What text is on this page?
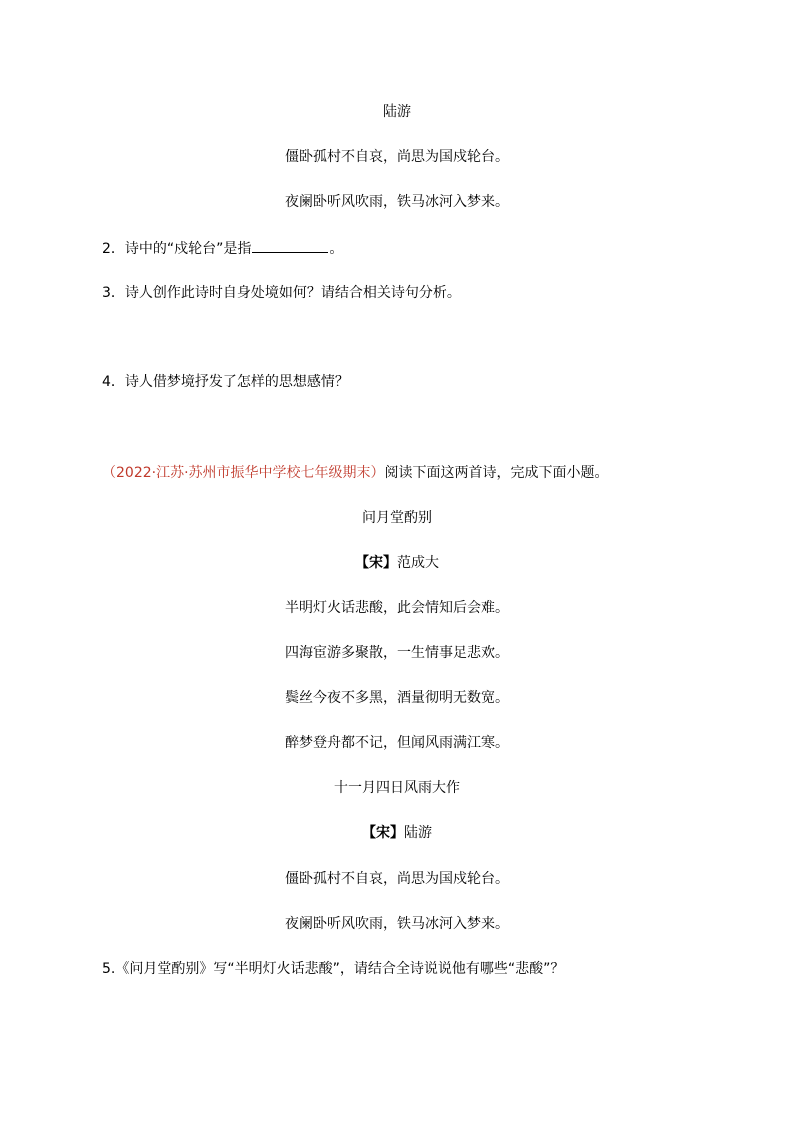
陆游
僵卧孤村不自哀，尚思为国戍轮台。
夜阑卧听风吹雨，铁马冰河入梦来。
2．诗中的“戍轮台”是指	。
3．诗人创作此诗时自身处境如何？请结合相关诗句分析。
4．诗人借梦境抒发了怎样的思想感情？
（2022·江苏·苏州市振华中学校七年级期末）阅读下面这两首诗，完成下面小题。
问月堂酌别
【宋】范成大
半明灯火话悲酸，此会情知后会难。
四海宦游多聚散，一生情事足悲欢。
鬓丝今夜不多黑，酒量彻明无数宽。
醉梦登舟都不记，但闻风雨满江寒。
十一月四日风雨大作
【宋】陆游
僵卧孤村不自哀，尚思为国戍轮台。
夜阑卧听风吹雨，铁马冰河入梦来。
5.《问月堂酌别》写“半明灯火话悲酸”，请结合全诗说说他有哪些“悲酸”？
